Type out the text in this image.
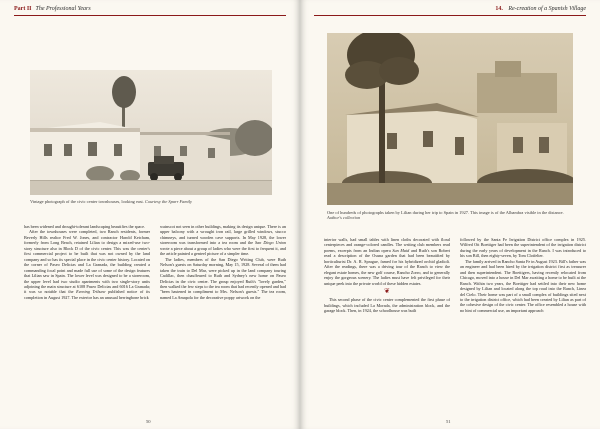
Part II The Professional Years
Vintage photograph of the civic center townhouses, looking east. Courtesy the Sparr Family

has been widened and drought-tolerant landscaping beautifies the space.

After the townhouses were completed, two Ranch residents, former Beverly Hills realtor Fred W. Jones, and contractor Harold Ketcham, formerly from Long Beach, retained Lilian to design a mixed-use two-story structure also in Block D of the civic center. This was the center's first commercial project to be built that was not owned by the land company and so has its special place in the civic center history. Located on the corner of Paseo Delicias and La Granada, the building created a commanding focal point and made full use of some of the design features that Lilian saw in Spain. The lower level was designed to be a storeroom, the upper level had two studio apartments with two single-story units adjoining the main structure at 6108 Paseo Delicias and 6016 La Granada; it was so notable that the Evening Tribune published notice of its completion in August 1927. The exterior has an unusual herringbone brick

wainscot not seen in other buildings, making its design unique. There is an upper balcony with a wrought iron rail, large grilled windows, stucco chimneys, and turned wooden cave supports. In May 1928, the lower storeroom was transformed into a tea room and the San Diego Union wrote a piece about a group of ladies who were the first to frequent it, and the article painted a genteel picture of a simpler time.

The ladies, members of the San Diego Writing Club, were Ruth Nelson's guests on Saturday morning, May 15, 1928. Several of them had taken the train to Del Mar, were picked up in the land company touring Cadillac, then chauffeured to Ruth and Sydney's new home on Paseo Delicias in the civic center. The group enjoyed Ruth's "lovely garden," then walked the few steps to the tea room that had recently opened and had "been hastened in compliment to Mrs. Nelson's guests." The tea room, named La Amapola for the decorative poppy artwork on the

50
14. Re-creation of a Spanish Village
One of hundreds of photographs taken by Lilian during her trip to Spain in 1927. This image is of the Albambra visible in the distance. Author's collection

interior walls, had small tables with linen cloths decorated with floral centerpieces and orange-colored candles. The writing club members read poems, excerpts from an Indian opera Sun Maid and Ruth's son Robert read a description of the Osuna garden that had been beautified by horticulturist Dr. A. R. Sprague, famed for his hybridized orchid gladioli. After the readings, there was a driving tour of the Ranch to view the elegant estate homes, the new golf course, Rancho Zorro, and to generally enjoy the gorgeous scenery. The ladies must have felt privileged for their unique peek into the private world of these hidden estates.

❦

This second phase of the civic center complemented the first phase of buildings, which included La Morada, the administration block, and the garage block. Then, in 1924, the schoolhouse was built

followed by the Santa Fe Irrigation District office complex in 1925. Wilfred Ott Boettiger had been the superintendent of the irrigation district during the early years of development in the Ranch. I was introduced to his son Bill, then eighty-seven, by Tom Clotfelter.

The family arrived in Rancho Santa Fe in August 1923. Bill's father was an engineer and had been hired by the irrigation district first as treasurer and then superintendent. The Boettigers, having recently relocated from Chicago, moved into a house in Del Mar awaiting a home to be built at the Ranch. Within two years, the Boettiger had settled into their new home designed by Lilian and located along the top road into the Ranch, Linea del Cielo. Their home was part of a small complex of buildings sited next to the irrigation district office, which had been created by Lilian as part of the cohesive design of the civic center. The office resembled a house with no hint of commercial use, an important approach

51
